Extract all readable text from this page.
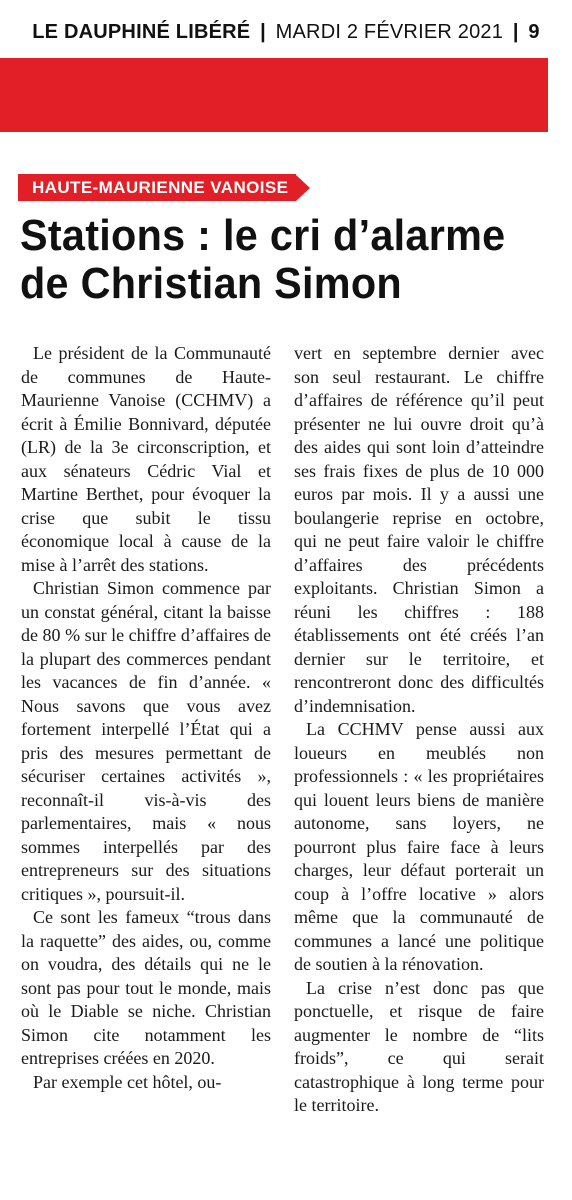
LE DAUPHINÉ LIBÉRÉ | MARDI 2 FÉVRIER 2021 | 9
HAUTE-MAURIENNE VANOISE
Stations : le cri d’alarme
de Christian Simon

Le président de la Communauté de communes de Haute-Maurienne Vanoise (CCHMV) a écrit à Émilie Bonnivard, députée (LR) de la 3e circonscription, et aux sénateurs Cédric Vial et Martine Berthet, pour évoquer la crise que subit le tissu économique local à cause de la mise à l’arrêt des stations.

Christian Simon commence par un constat général, citant la baisse de 80 % sur le chiffre d’affaires de la plupart des commerces pendant les vacances de fin d’année. « Nous savons que vous avez fortement interpellé l’État qui a pris des mesures permettant de sécuriser certaines activités », reconnaît-il vis-à-vis des parlementaires, mais « nous sommes interpellés par des entrepreneurs sur des situations critiques », poursuit-il.

Ce sont les fameux “trous dans la raquette” des aides, ou, comme on voudra, des détails qui ne le sont pas pour tout le monde, mais où le Diable se niche. Christian Simon cite notamment les entreprises créées en 2020.

Par exemple cet hôtel, ou-

vert en septembre dernier avec son seul restaurant. Le chiffre d’affaires de référence qu’il peut présenter ne lui ouvre droit qu’à des aides qui sont loin d’atteindre ses frais fixes de plus de 10 000 euros par mois. Il y a aussi une boulangerie reprise en octobre, qui ne peut faire valoir le chiffre d’affaires des précédents exploitants. Christian Simon a réuni les chiffres : 188 établissements ont été créés l’an dernier sur le territoire, et rencontreront donc des difficultés d’indemnisation.

La CCHMV pense aussi aux loueurs en meublés non professionnels : « les propriétaires qui louent leurs biens de manière autonome, sans loyers, ne pourront plus faire face à leurs charges, leur défaut porterait un coup à l’offre locative » alors même que la communauté de communes a lancé une politique de soutien à la rénovation.

La crise n’est donc pas que ponctuelle, et risque de faire augmenter le nombre de “lits froids”, ce qui serait catastrophique à long terme pour le territoire.
